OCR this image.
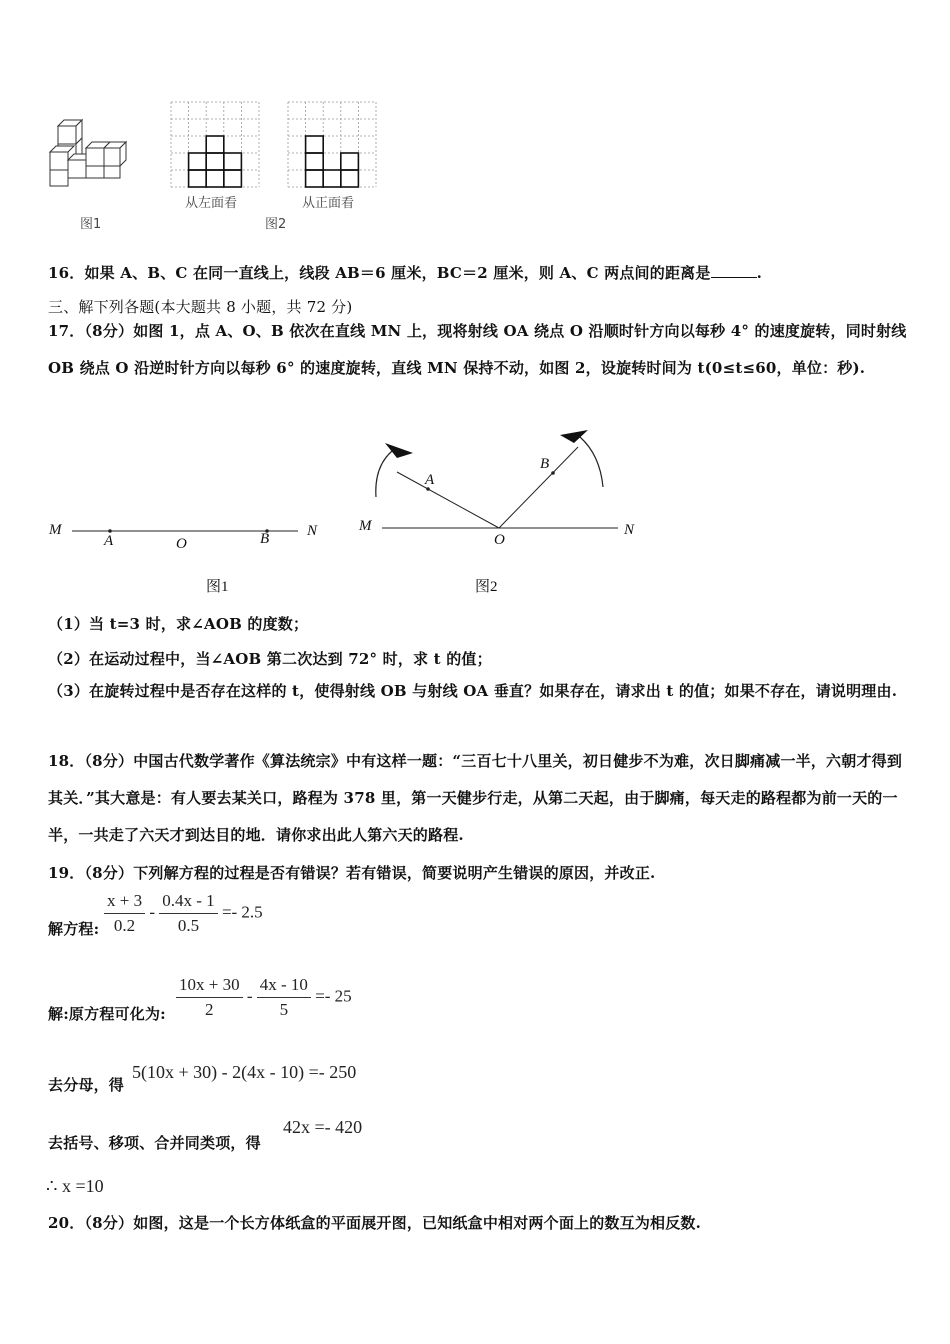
图1
从左面看	从正面看
图2
16．如果 A、B、C 在同一直线上，线段 AB＝6 厘米，BC＝2 厘米，则 A、C 两点间的距离是	.
三、解下列各题(本大题共 8 小题，共 72 分)
17．（8分）如图 1，点 A、O、B 依次在直线 MN 上，现将射线 OA 绕点 O 沿顺时针方向以每秒 4° 的速度旋转，同时射线 OB 绕点 O 沿逆时针方向以每秒 6° 的速度旋转，直线 MN 保持不动，如图 2，设旋转时间为 t(0≤t≤60，单位：秒).
M
A	O	B	N
图1
M
A
B
O
N
图2
（1）当 t=3 时，求∠AOB 的度数；
（2）在运动过程中，当∠AOB 第二次达到 72° 时，求 t 的值；
（3）在旋转过程中是否存在这样的 t，使得射线 OB 与射线 OA 垂直？如果存在，请求出 t 的值；如果不存在，请说明理由.
18．（8分）中国古代数学著作《算法统宗》中有这样一题：“三百七十八里关，初日健步不为难，次日脚痛减一半，六朝才得到其关．”其大意是：有人要去某关口，路程为 378 里，第一天健步行走，从第二天起，由于脚痛，每天走的路程都为前一天的一半，一共走了六天才到达目的地．请你求出此人第六天的路程.
19．（8分）下列解方程的过程是否有错误？若有错误，简要说明产生错误的原因，并改正.
解方程: $\frac{x + 3}{0.2} - \frac{0.4x - 1}{0.5} =- 2.5$
解:原方程可化为: $\frac{10x + 30}{2} - \frac{4x - 10}{5} =- 25$
去分母，得
5(10x + 30) - 2(4x - 10) =- 250
去括号、移项、合并同类项，得
42x =- 420
∴ x =10
20．（8分）如图，这是一个长方体纸盒的平面展开图，已知纸盒中相对两个面上的数互为相反数.
